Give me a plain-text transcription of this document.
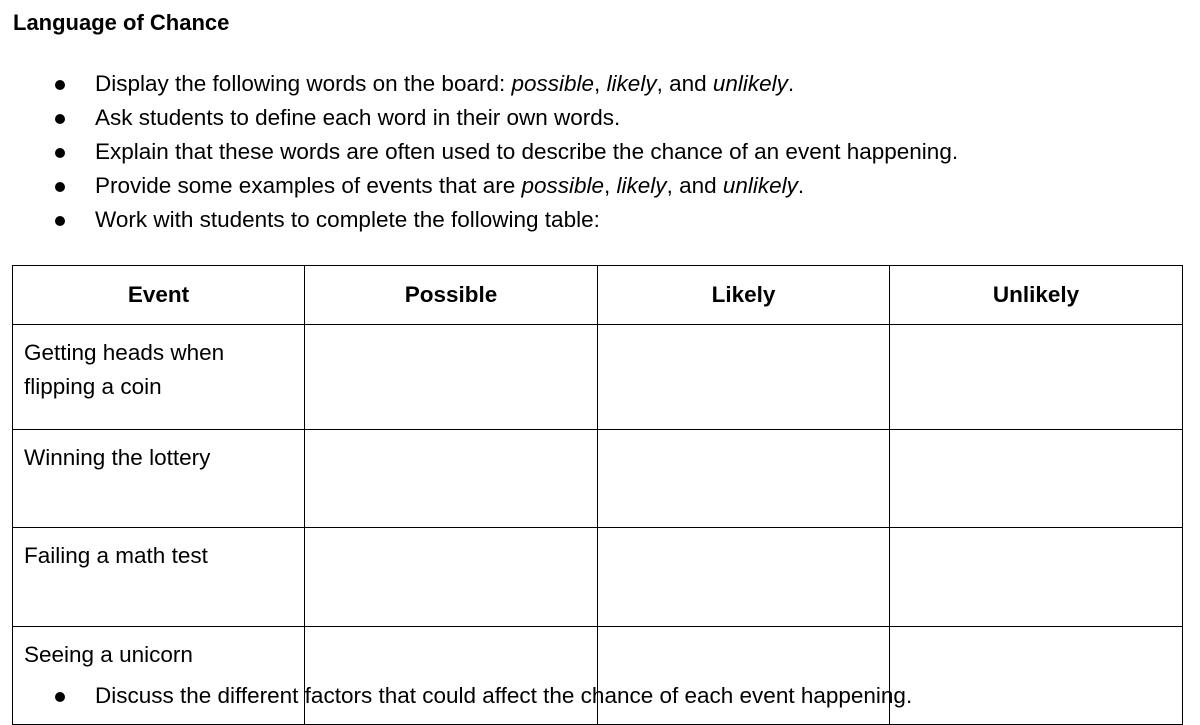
Language of Chance
Display the following words on the board: possible, likely, and unlikely.
Ask students to define each word in their own words.
Explain that these words are often used to describe the chance of an event happening.
Provide some examples of events that are possible, likely, and unlikely.
Work with students to complete the following table:
Event	Possible	Likely	Unlikely

Getting heads when
flipping a coin			

Winning the lottery			

Failing a math test			

Seeing a unicorn			

Discuss the different factors that could affect the chance of each event happening.
